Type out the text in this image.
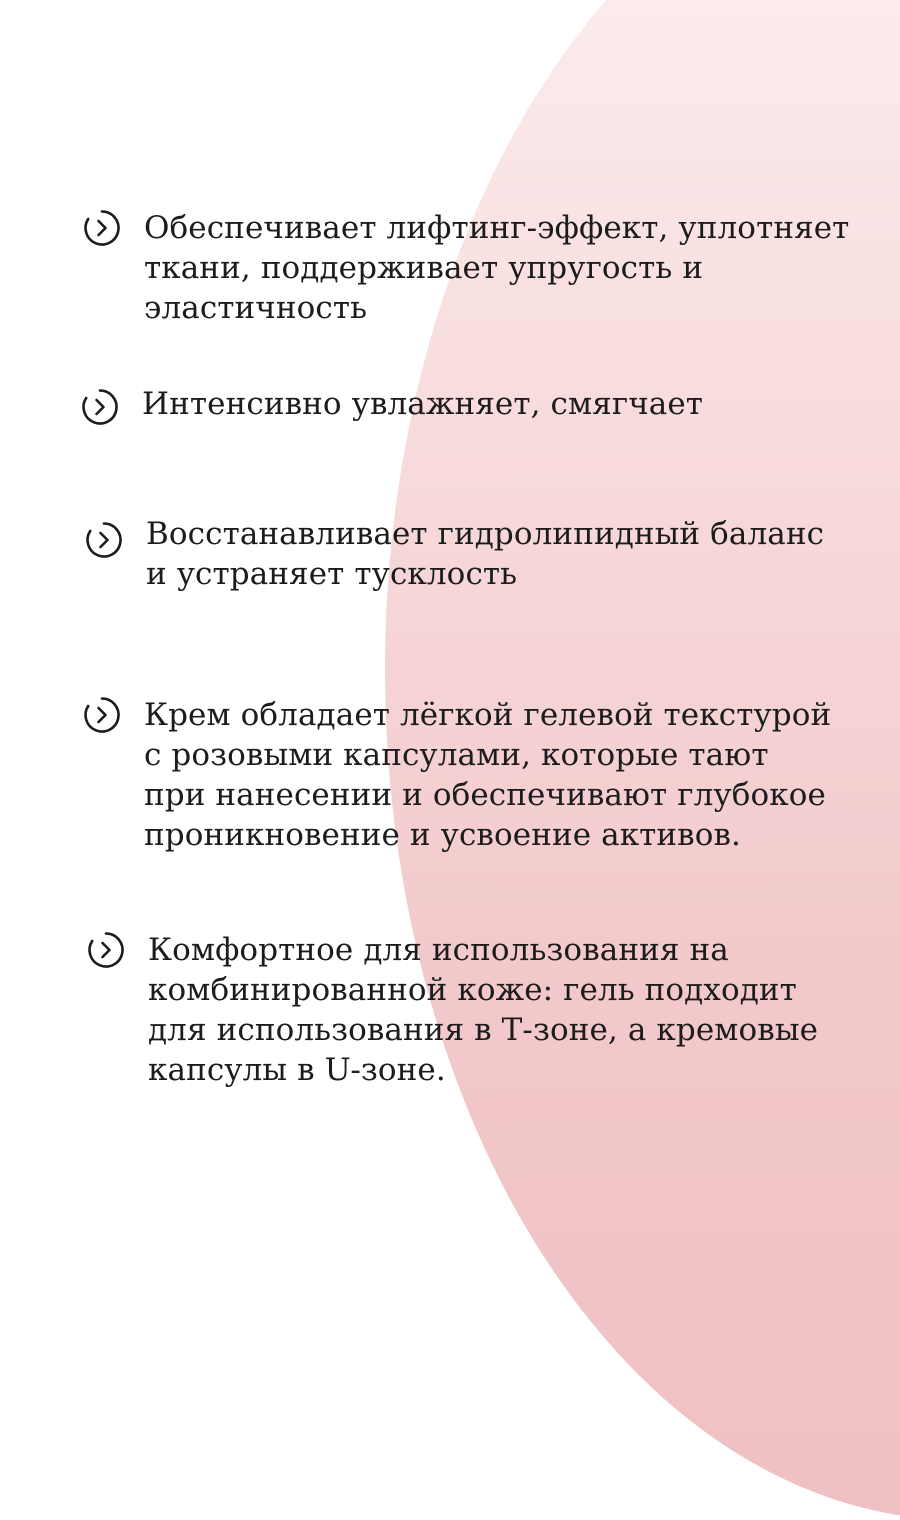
Обеспечивает лифтинг-эффект, уплотняет
ткани, поддерживает упругость и
эластичность
Интенсивно увлажняет, смягчает
Восстанавливает гидролипидный баланс
и устраняет тусклость
Крем обладает лёгкой гелевой текстурой
с розовыми капсулами, которые тают
при нанесении и обеспечивают глубокое
проникновение и усвоение активов.
Комфортное для использования на
комбинированной коже: гель подходит
для использования в Т-зоне, а кремовые
капсулы в U-зоне.
